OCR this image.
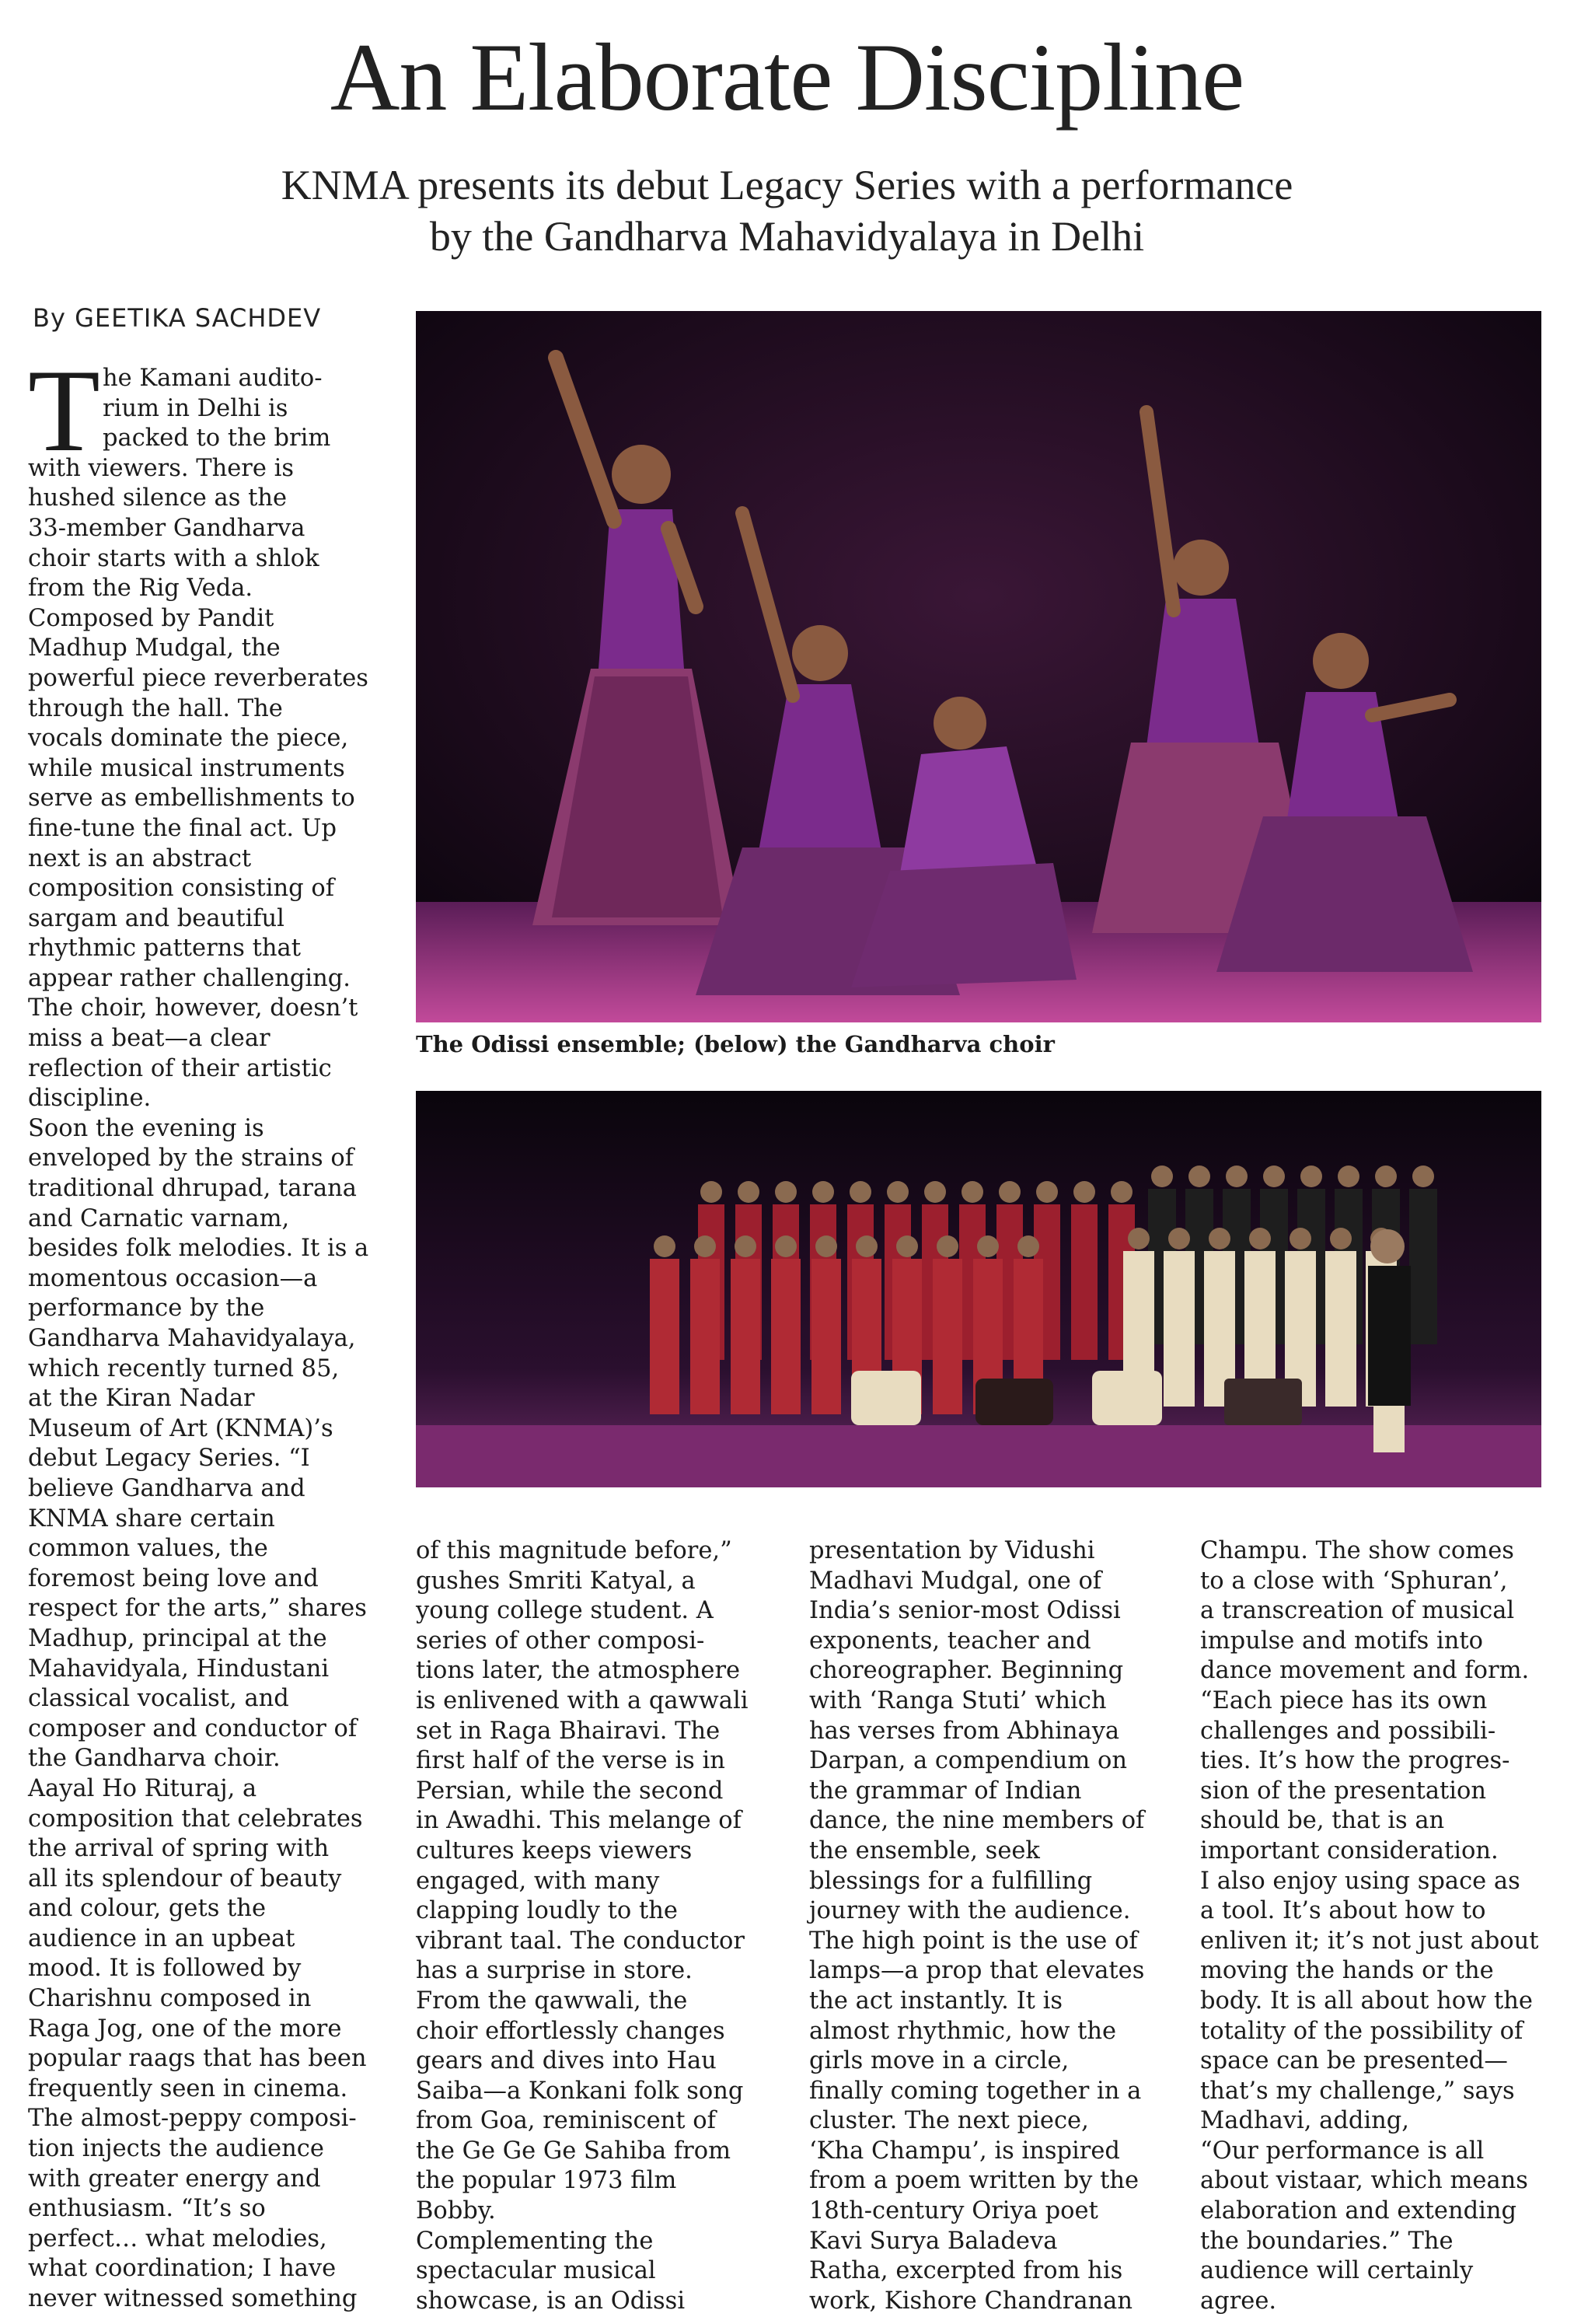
An Elaborate Discipline
KNMA presents its debut Legacy Series with a performance
by the Gandharva Mahavidyalaya in Delhi
By GEETIKA SACHDEV
T he Kamani audito-
rium in Delhi is
packed to the brim
with viewers. There is
hushed silence as the
33-member Gandharva
choir starts with a shlok
from the Rig Veda.
Composed by Pandit
Madhup Mudgal, the
powerful piece reverberates
through the hall. The
vocals dominate the piece,
while musical instruments
serve as embellishments to
fine-tune the final act. Up
next is an abstract
composition consisting of
sargam and beautiful
rhythmic patterns that
appear rather challenging.
The choir, however, doesn’t
miss a beat—a clear
reflection of their artistic
discipline.
Soon the evening is
enveloped by the strains of
traditional dhrupad, tarana
and Carnatic varnam,
besides folk melodies. It is a
momentous occasion—a
performance by the
Gandharva Mahavidyalaya,
which recently turned 85,
at the Kiran Nadar
Museum of Art (KNMA)’s
debut Legacy Series. “I
believe Gandharva and
KNMA share certain
common values, the
foremost being love and
respect for the arts,” shares
Madhup, principal at the
Mahavidyala, Hindustani
classical vocalist, and
composer and conductor of
the Gandharva choir.
Aayal Ho Rituraj, a
composition that celebrates
the arrival of spring with
all its splendour of beauty
and colour, gets the
audience in an upbeat
mood. It is followed by
Charishnu composed in
Raga Jog, one of the more
popular raags that has been
frequently seen in cinema.
The almost-peppy composi-
tion injects the audience
with greater energy and
enthusiasm. “It’s so
perfect… what melodies,
what coordination; I have
never witnessed something
The Odissi ensemble; (below) the Gandharva choir
of this magnitude before,”
gushes Smriti Katyal, a
young college student. A
series of other composi-
tions later, the atmosphere
is enlivened with a qawwali
set in Raga Bhairavi. The
first half of the verse is in
Persian, while the second
in Awadhi. This melange of
cultures keeps viewers
engaged, with many
clapping loudly to the
vibrant taal. The conductor
has a surprise in store.
From the qawwali, the
choir effortlessly changes
gears and dives into Hau
Saiba—a Konkani folk song
from Goa, reminiscent of
the Ge Ge Ge Sahiba from
the popular 1973 film
Bobby.
Complementing the
spectacular musical
showcase, is an Odissi
presentation by Vidushi
Madhavi Mudgal, one of
India’s senior-most Odissi
exponents, teacher and
choreographer. Beginning
with ‘Ranga Stuti’ which
has verses from Abhinaya
Darpan, a compendium on
the grammar of Indian
dance, the nine members of
the ensemble, seek
blessings for a fulfilling
journey with the audience.
The high point is the use of
lamps—a prop that elevates
the act instantly. It is
almost rhythmic, how the
girls move in a circle,
finally coming together in a
cluster. The next piece,
‘Kha Champu’, is inspired
from a poem written by the
18th-century Oriya poet
Kavi Surya Baladeva
Ratha, excerpted from his
work, Kishore Chandranan
Champu. The show comes
to a close with ‘Sphuran’,
a transcreation of musical
impulse and motifs into
dance movement and form.
“Each piece has its own
challenges and possibili-
ties. It’s how the progres-
sion of the presentation
should be, that is an
important consideration.
I also enjoy using space as
a tool. It’s about how to
enliven it; it’s not just about
moving the hands or the
body. It is all about how the
totality of the possibility of
space can be presented—
that’s my challenge,” says
Madhavi, adding,
“Our performance is all
about vistaar, which means
elaboration and extending
the boundaries.” The
audience will certainly
agree.
